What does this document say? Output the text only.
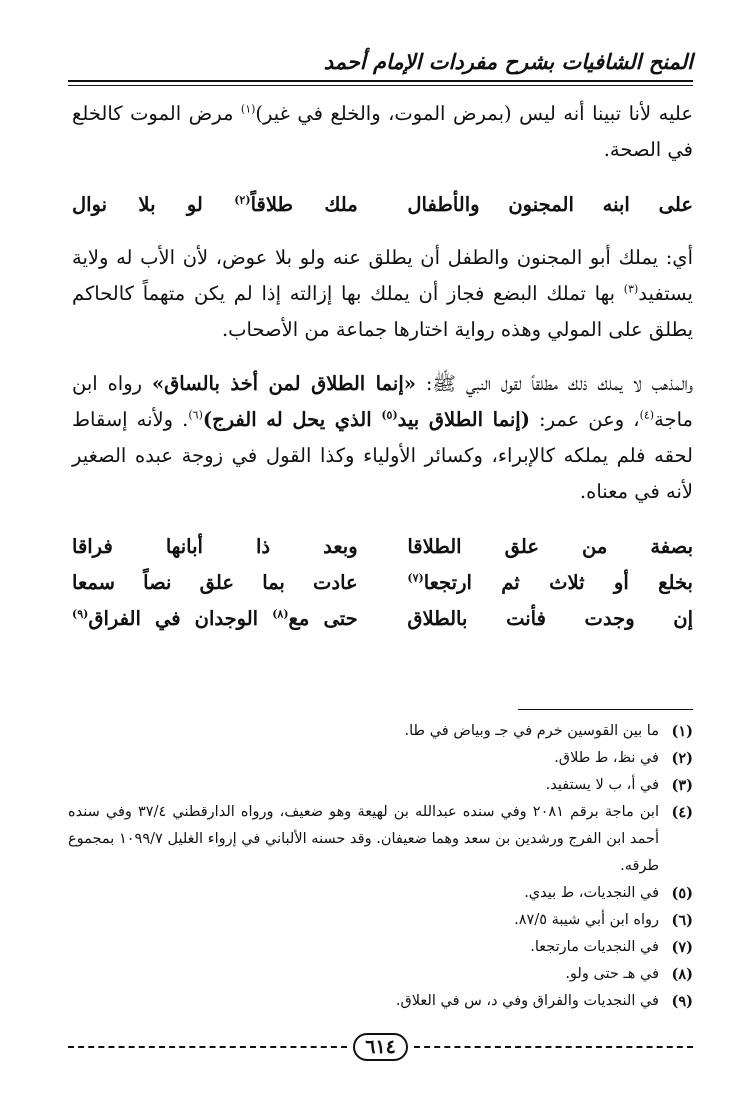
المنح الشافيات بشرح مفردات الإمام أحمد

عليه لأنا تبينا أنه ليس (بمرض الموت، والخلع في غير)$^{(١)}$ مرض الموت كالخلع في الصحة.

على ابنه المجنون والأطفال
ملك طلاقاً$^{(٢)}$ لو بلا نوال

أي: يملك أبو المجنون والطفل أن يطلق عنه ولو بلا عوض، لأن الأب له ولاية يستفيد$^{(٣)}$ بها تملك البضع فجاز أن يملك بها إزالته إذا لم يكن متهماً كالحاكم يطلق على المولي وهذه رواية اختارها جماعة من الأصحاب.

والمذهب لا يملك ذلك مطلقاً لقول النبي ﷺ: «إنما الطلاق لمن أخذ بالساق» رواه ابن ماجة$^{(٤)}$، وعن عمر: (إنما الطلاق بيد$^{(٥)}$ الذي يحل له الفرج)$^{(٦)}$. ولأنه إسقاط لحقه فلم يملكه كالإبراء، وكسائر الأولياء وكذا القول في زوجة عبده الصغير لأنه في معناه.

بصفة من علق الطلاقا
وبعد ذا أبانها فراقا
بخلع أو ثلاث ثم ارتجعا$^{(٧)}$
عادت بما علق نصاً سمعا
إن وجدت فأنت بالطلاق
حتى مع$^{(٨)}$ الوجدان في الفراق$^{(٩)}$
(١)
ما بين القوسين خرم في جـ وبياض في طا.
(٢)
في نظ، ط طلاق.
(٣)
في أ، ب لا يستفيد.
(٤)
ابن ماجة برقم ٢٠٨١ وفي سنده عبدالله بن لهيعة وهو ضعيف، ورواه الدارقطني ٣٧/٤ وفي سنده أحمد ابن الفرج ورشدين بن سعد وهما ضعيفان. وقد حسنه الألباني في إرواء الغليل ١٠٩٩/٧ بمجموع طرقه.
(٥)
في النجديات، ط بيدي.
(٦)
رواه ابن أبي شيبة ٨٧/٥.
(٧)
في النجديات مارتجعا.
(٨)
في هـ حتى ولو.
(٩)
في النجديات والفراق وفي د، س في العلاق.
٦١٤
